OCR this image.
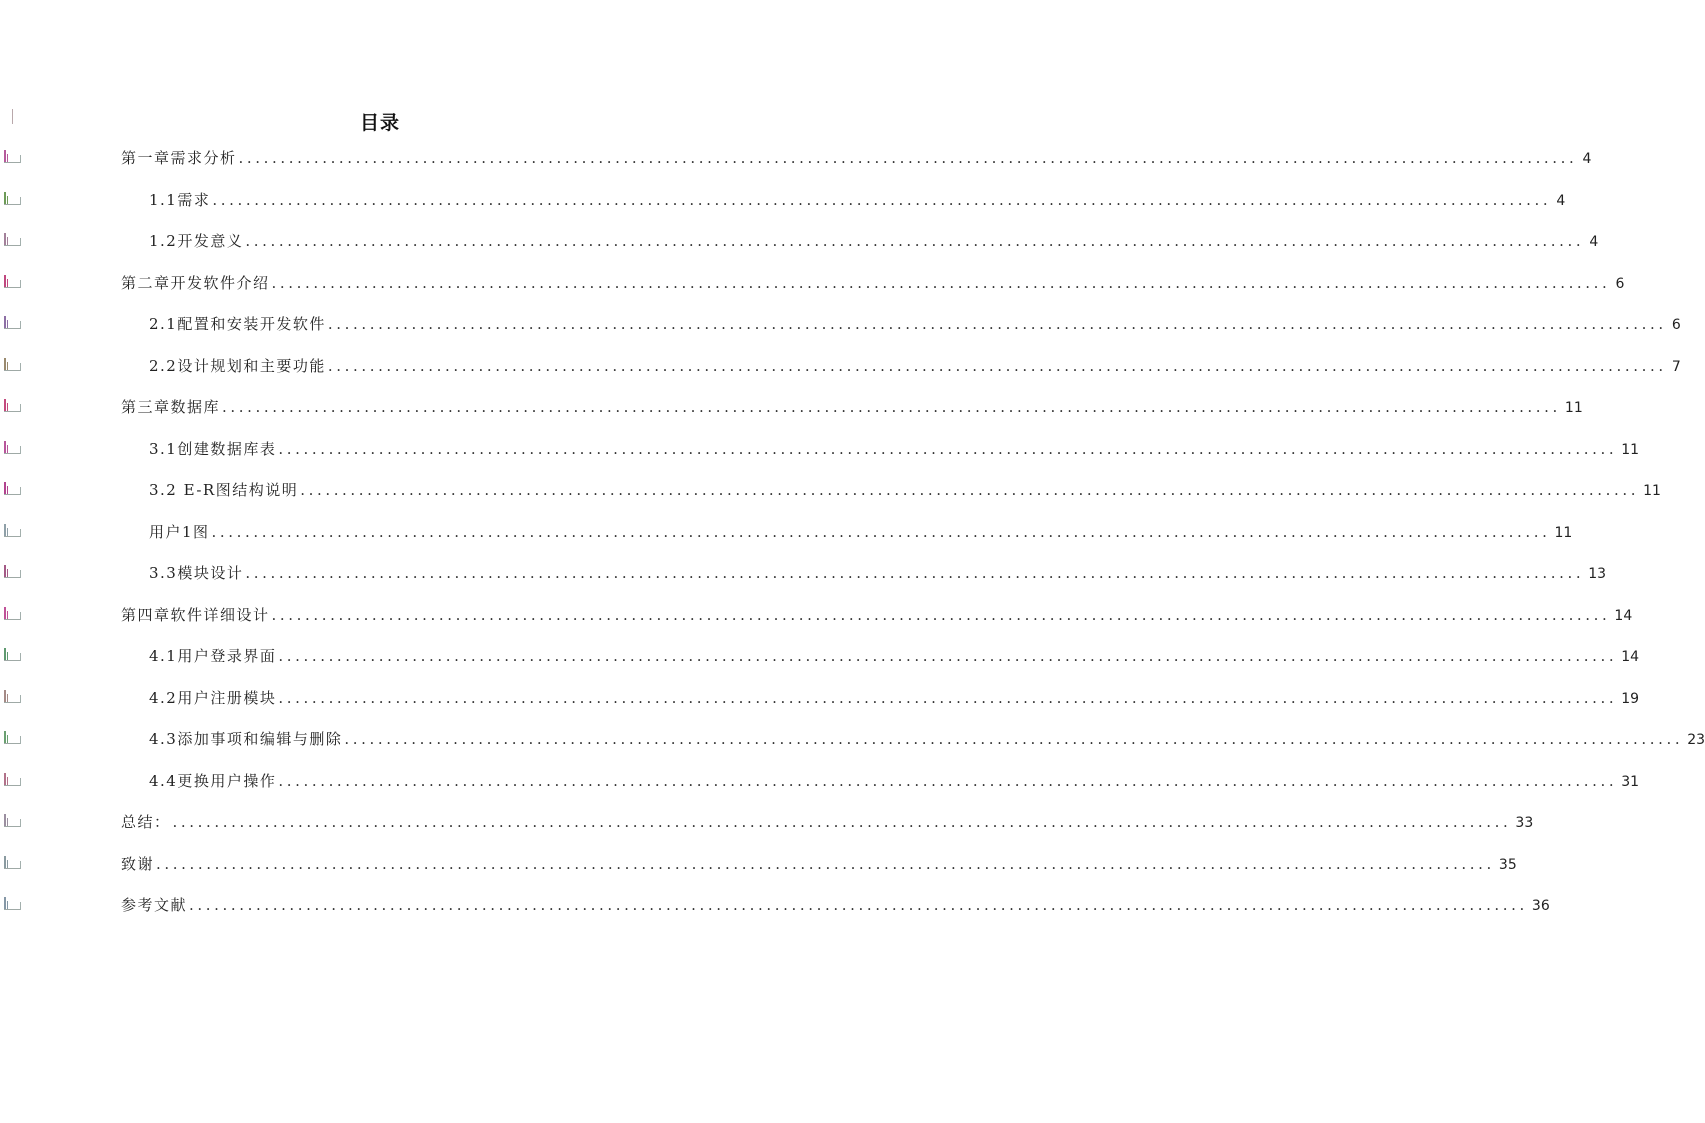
目录
第一章需求分析 ................................................................................................................................................................ 4
1.1需求 ................................................................................................................................................................ 4
1.2开发意义 ................................................................................................................................................................ 4
第二章开发软件介绍 ................................................................................................................................................................ 6
2.1配置和安装开发软件 ................................................................................................................................................................ 6
2.2设计规划和主要功能 ................................................................................................................................................................ 7
第三章数据库 ................................................................................................................................................................ 11
3.1创建数据库表 ................................................................................................................................................................ 11
3.2 E-R图结构说明 ................................................................................................................................................................ 11
用户1图 ................................................................................................................................................................ 11
3.3模块设计 ................................................................................................................................................................ 13
第四章软件详细设计 ................................................................................................................................................................ 14
4.1用户登录界面 ................................................................................................................................................................ 14
4.2用户注册模块 ................................................................................................................................................................ 19
4.3添加事项和编辑与删除 ................................................................................................................................................................ 23
4.4更换用户操作 ................................................................................................................................................................ 31
总结： ................................................................................................................................................................ 33
致谢 ................................................................................................................................................................ 35
参考文献 ................................................................................................................................................................ 36
